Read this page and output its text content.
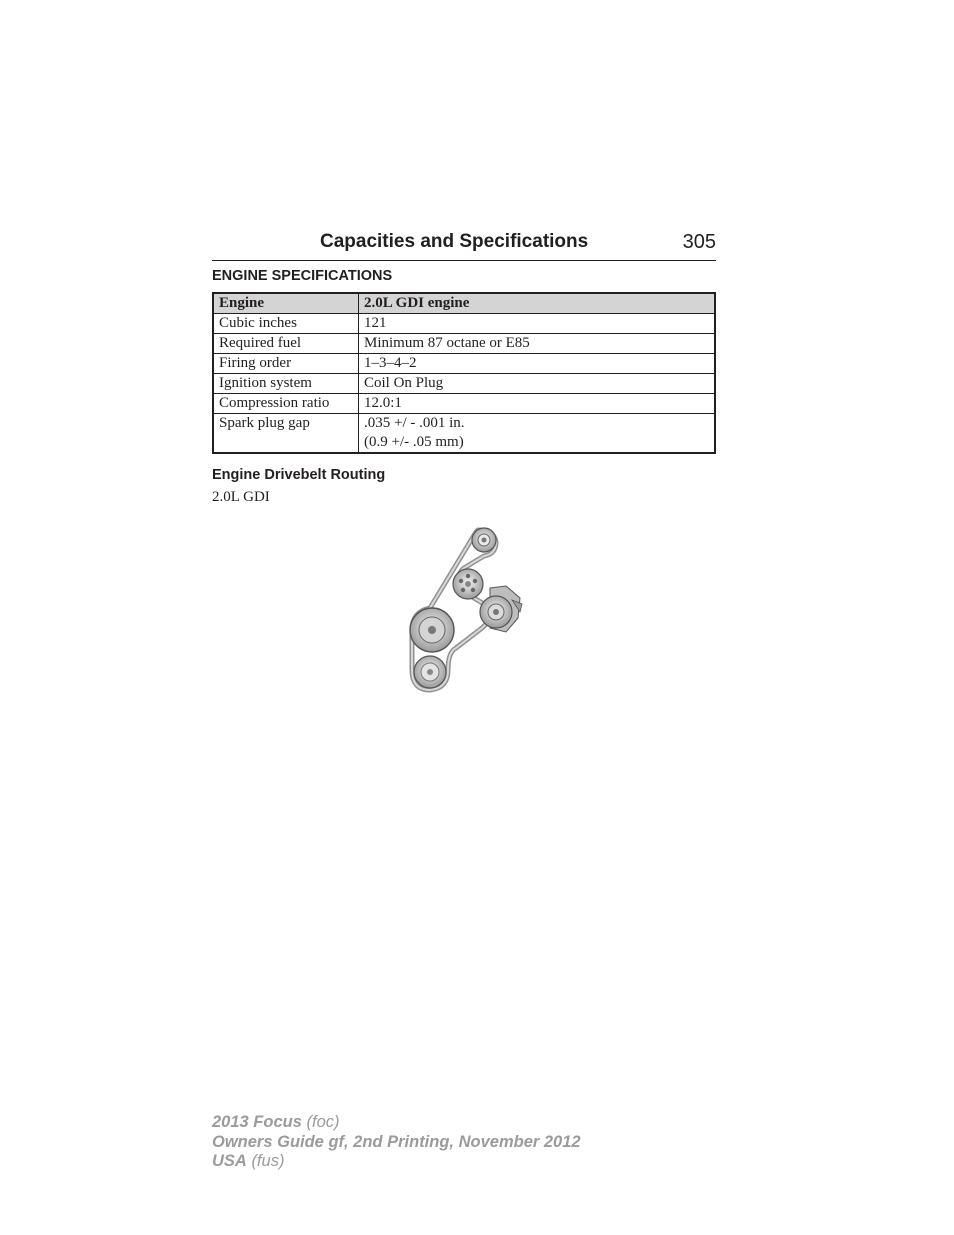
Capacities and Specifications	305
ENGINE SPECIFICATIONS
Engine	2.0L GDI engine
Cubic inches	121
Required fuel	Minimum 87 octane or E85
Firing order	1–3–4–2
Ignition system	Coil On Plug
Compression ratio	12.0:1
Spark plug gap	.035 +/ - .001 in.
(0.9 +/- .05 mm)
Engine Drivebelt Routing
2.0L GDI
2013 Focus (foc)
Owners Guide gf, 2nd Printing, November 2012
USA (fus)
